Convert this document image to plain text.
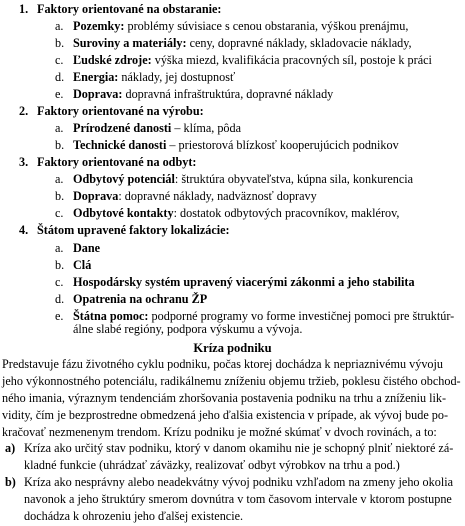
1. Faktory orientované na obstaranie:
a. Pozemky: problémy súvisiace s cenou obstarania, výškou prenájmu,
b. Suroviny a materiály: ceny, dopravné náklady, skladovacie náklady,
c. Ľudské zdroje: výška miezd, kvalifikácia pracovných síl, postoje k práci
d. Energia: náklady, jej dostupnosť
e. Doprava: dopravná infraštruktúra, dopravné náklady
2. Faktory orientované na výrobu:
a. Prírodzené danosti – klíma, pôda
b. Technické danosti – priestorová blízkosť kooperujúcich podnikov
3. Faktory orientované na odbyt:
a. Odbytový potenciál: štruktúra obyvateľstva, kúpna sila, konkurencia
b. Doprava: dopravné náklady, nadväznosť dopravy
c. Odbytové kontakty: dostatok odbytových pracovníkov, maklérov,
4. Štátom upravené faktory lokalizácie:
a. Dane
b. Clá
c. Hospodársky systém upravený viacerými zákonmi a jeho stabilita
d. Opatrenia na ochranu ŽP
e. Štátna pomoc: podporné programy vo forme investičnej pomoci pre štruktúr-
álne slabé regióny, podpora výskumu a vývoja.
Kríza podniku
Predstavuje fázu životného cyklu podniku, počas ktorej dochádza k nepriaznivému vývoju
jeho výkonnostného potenciálu, radikálnemu zníženiu objemu tržieb, poklesu čistého obchod-
ného imania, výraznym tendenciám zhoršovania postavenia podniku na trhu a zníženiu lik-
vidity, čím je bezprostredne obmedzená jeho ďalšia existencia v prípade, ak vývoj bude po-
kračovať nezmenenym trendom. Krízu podniku je možné skúmať v dvoch rovinách, a to:
a) Kríza ako určitý stav podniku, ktorý v danom okamihu nie je schopný plniť niektoré zá-
kladné funkcie (uhrádzať záväzky, realizovať odbyt výrobkov na trhu a pod.)
b) Kríza ako nesprávny alebo neadekvátny vývoj podniku vzhľadom na zmeny jeho okolia
navonok a jeho štruktúry smerom dovnútra v tom časovom intervale v ktorom postupne
dochádza k ohrozeniu jeho ďalšej existencie.
